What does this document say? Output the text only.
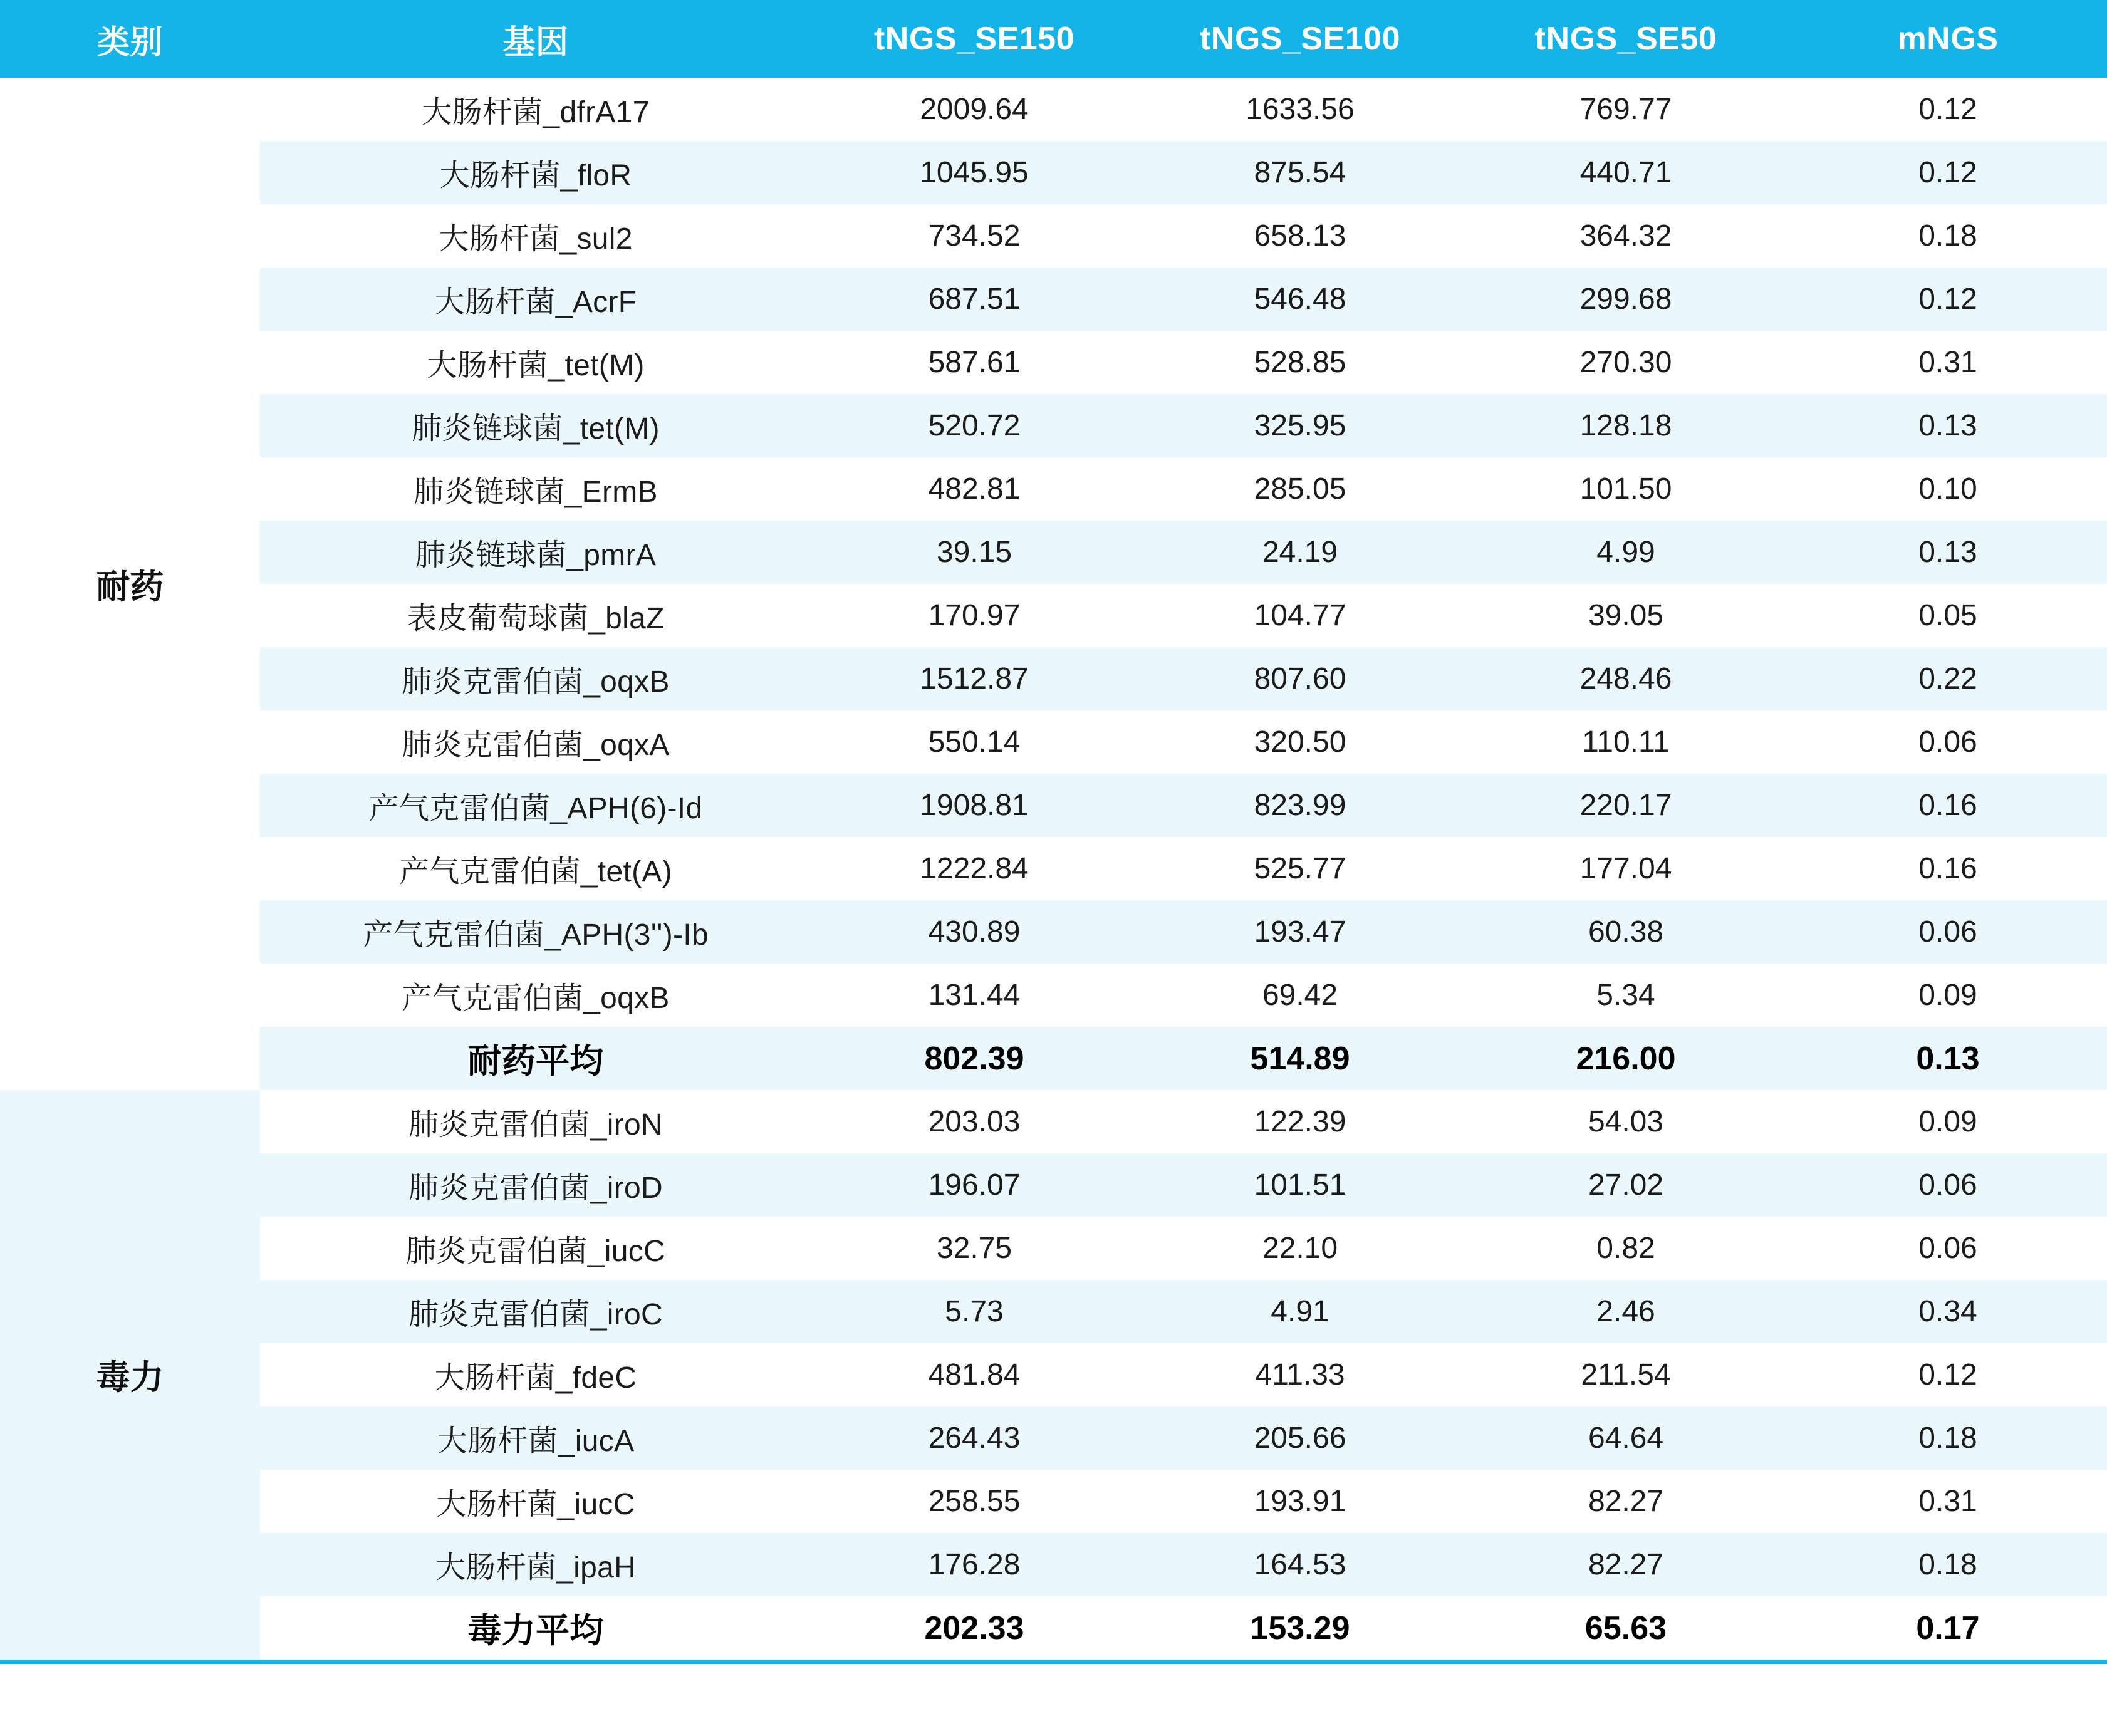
类别	基因	tNGS_SE150	tNGS_SE100	tNGS_SE50	mNGS
耐药	大肠杆菌_dfrA17	2009.64	1633.56	769.77	0.12
	大肠杆菌_floR	1045.95	875.54	440.71	0.12
	大肠杆菌_sul2	734.52	658.13	364.32	0.18
	大肠杆菌_AcrF	687.51	546.48	299.68	0.12
	大肠杆菌_tet(M)	587.61	528.85	270.30	0.31
	肺炎链球菌_tet(M)	520.72	325.95	128.18	0.13
	肺炎链球菌_ErmB	482.81	285.05	101.50	0.10
	肺炎链球菌_pmrA	39.15	24.19	4.99	0.13
	表皮葡萄球菌_blaZ	170.97	104.77	39.05	0.05
	肺炎克雷伯菌_oqxB	1512.87	807.60	248.46	0.22
	肺炎克雷伯菌_oqxA	550.14	320.50	110.11	0.06
	产气克雷伯菌_APH(6)-Id	1908.81	823.99	220.17	0.16
	产气克雷伯菌_tet(A)	1222.84	525.77	177.04	0.16
	产气克雷伯菌_APH(3'')-Ib	430.89	193.47	60.38	0.06
	产气克雷伯菌_oqxB	131.44	69.42	5.34	0.09
	耐药平均	802.39	514.89	216.00	0.13
毒力	肺炎克雷伯菌_iroN	203.03	122.39	54.03	0.09
	肺炎克雷伯菌_iroD	196.07	101.51	27.02	0.06
	肺炎克雷伯菌_iucC	32.75	22.10	0.82	0.06
	肺炎克雷伯菌_iroC	5.73	4.91	2.46	0.34
	大肠杆菌_fdeC	481.84	411.33	211.54	0.12
	大肠杆菌_iucA	264.43	205.66	64.64	0.18
	大肠杆菌_iucC	258.55	193.91	82.27	0.31
	大肠杆菌_ipaH	176.28	164.53	82.27	0.18
	毒力平均	202.33	153.29	65.63	0.17
